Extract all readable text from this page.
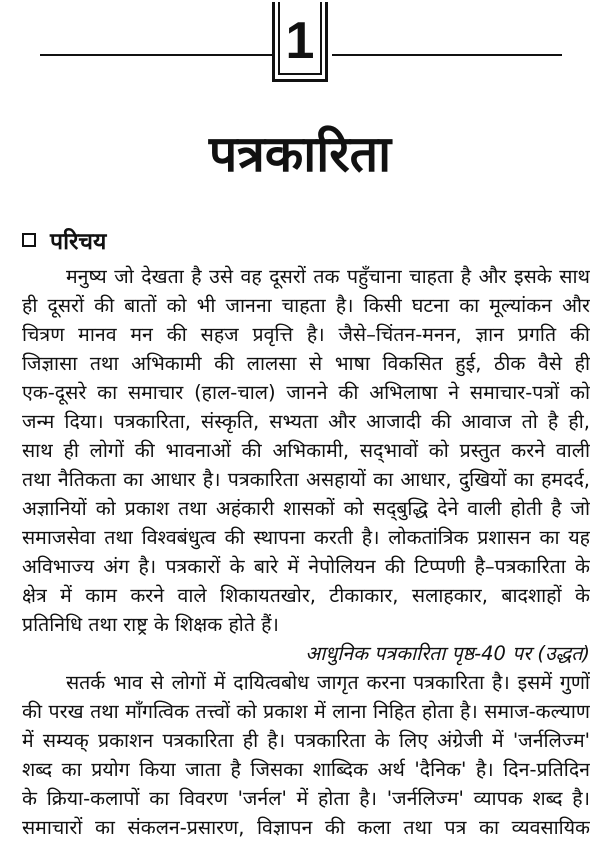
1
पत्रकारिता
परिचय
मनुष्य जो देखता है उसे वह दूसरों तक पहुँचाना चाहता है और इसके साथ
ही दूसरों की बातों को भी जानना चाहता है। किसी घटना का मूल्यांकन और
चित्रण मानव मन की सहज प्रवृत्ति है। जैसे–चिंतन-मनन, ज्ञान प्रगति की
जिज्ञासा तथा अभिकामी की लालसा से भाषा विकसित हुई, ठीक वैसे ही
एक-दूसरे का समाचार (हाल-चाल) जानने की अभिलाषा ने समाचार-पत्रों को
जन्म दिया। पत्रकारिता, संस्कृति, सभ्यता और आजादी की आवाज तो है ही,
साथ ही लोगों की भावनाओं की अभिकामी, सद्‌भावों को प्रस्तुत करने वाली
तथा नैतिकता का आधार है। पत्रकारिता असहायों का आधार, दुखियों का हमदर्द,
अज्ञानियों को प्रकाश तथा अहंकारी शासकों को सद्‌बुद्धि देने वाली होती है जो
समाजसेवा तथा विश्वबंधुत्व की स्थापना करती है। लोकतांत्रिक प्रशासन का यह
अविभाज्य अंग है। पत्रकारों के बारे में नेपोलियन की टिप्पणी है–पत्रकारिता के
क्षेत्र में काम करने वाले शिकायतखोर, टीकाकार, सलाहकार, बादशाहों के
प्रतिनिधि तथा राष्ट्र के शिक्षक होते हैं।
आधुनिक पत्रकारिता पृष्ठ-40 पर (उद्धत)
सतर्क भाव से लोगों में दायित्वबोध जागृत करना पत्रकारिता है। इसमें गुणों
की परख तथा माँगत्विक तत्त्वों को प्रकाश में लाना निहित होता है। समाज-कल्याण
में सम्यक्‌ प्रकाशन पत्रकारिता ही है। पत्रकारिता के लिए अंग्रेजी में 'जर्नलिज्म'
शब्द का प्रयोग किया जाता है जिसका शाब्दिक अर्थ 'दैनिक' है। दिन-प्रतिदिन
के क्रिया-कलापों का विवरण 'जर्नल' में होता है। 'जर्नलिज्म' व्यापक शब्द है।
समाचारों का संकलन-प्रसारण, विज्ञापन की कला तथा पत्र का व्यवसायिक
